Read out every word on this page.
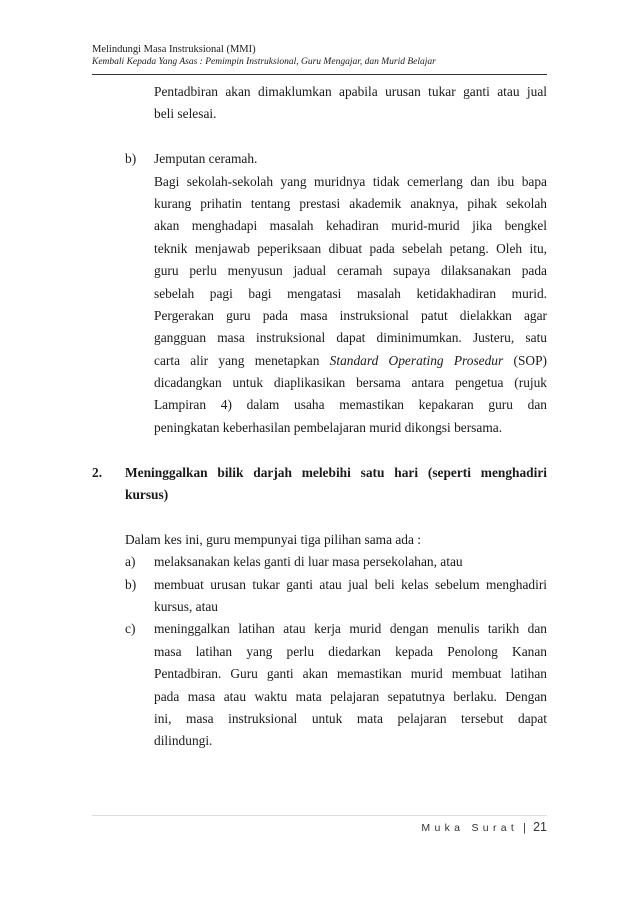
Melindungi Masa Instruksional (MMI)
Kembali Kepada Yang Asas : Pemimpin Instruksional, Guru Mengajar, dan Murid Belajar
Pentadbiran akan dimaklumkan apabila urusan tukar ganti atau jual
beli selesai.
b) Jemputan ceramah.
Bagi sekolah-sekolah yang muridnya tidak cemerlang dan ibu bapa
kurang prihatin tentang prestasi akademik anaknya, pihak sekolah
akan menghadapi masalah kehadiran murid-murid jika bengkel
teknik menjawab peperiksaan dibuat pada sebelah petang. Oleh itu,
guru perlu menyusun jadual ceramah supaya dilaksanakan pada
sebelah pagi bagi mengatasi masalah ketidakhadiran murid.
Pergerakan guru pada masa instruksional patut dielakkan agar
gangguan masa instruksional dapat diminimumkan. Justeru, satu
carta alir yang menetapkan Standard Operating Prosedur (SOP)
dicadangkan untuk diaplikasikan bersama antara pengetua (rujuk
Lampiran 4) dalam usaha memastikan kepakaran guru dan
peningkatan keberhasilan pembelajaran murid dikongsi bersama.
2. Meninggalkan bilik darjah melebihi satu hari (seperti menghadiri
kursus)
Dalam kes ini, guru mempunyai tiga pilihan sama ada :
a) melaksanakan kelas ganti di luar masa persekolahan, atau
b) membuat urusan tukar ganti atau jual beli kelas sebelum menghadiri
kursus, atau
c) meninggalkan latihan atau kerja murid dengan menulis tarikh dan
masa latihan yang perlu diedarkan kepada Penolong Kanan
Pentadbiran. Guru ganti akan memastikan murid membuat latihan
pada masa atau waktu mata pelajaran sepatutnya berlaku. Dengan
ini, masa instruksional untuk mata pelajaran tersebut dapat
dilindungi.
Muka Surat | 21
